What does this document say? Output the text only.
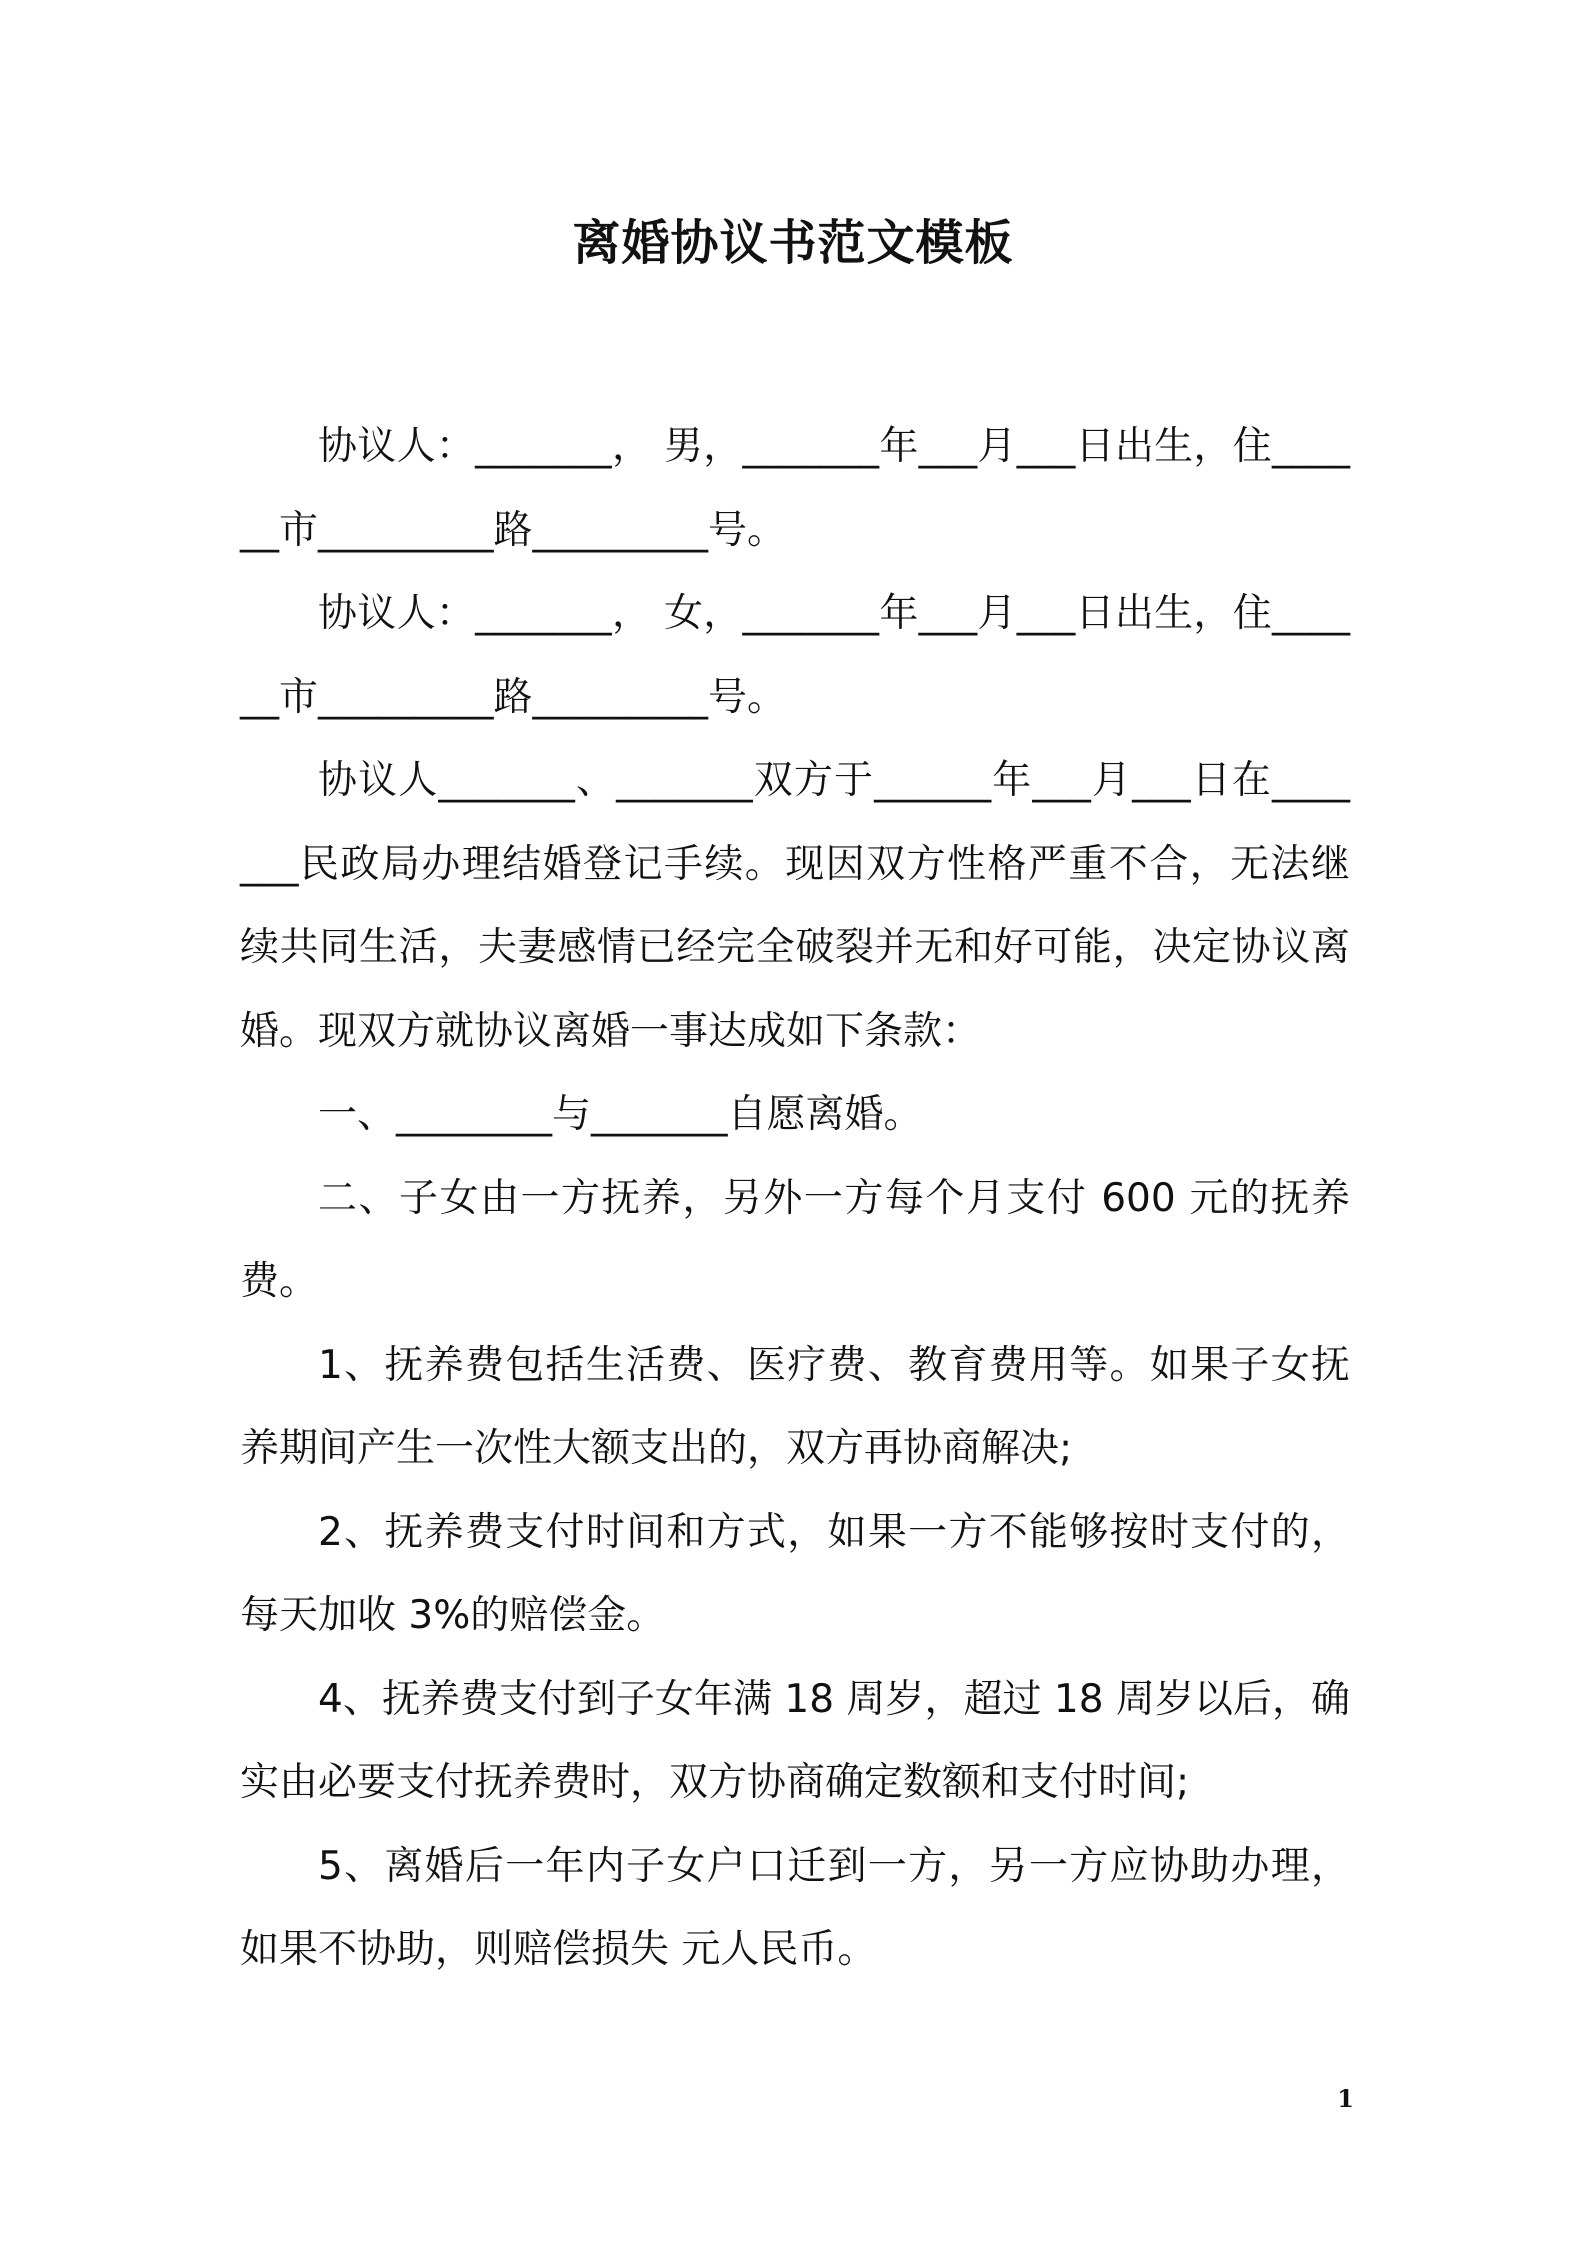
离婚协议书范文模板

协议人：_______， 男，_______年___月___日出生，住______市_________路_________号。

协议人：_______， 女，_______年___月___日出生，住______市_________路_________号。

协议人_______、_______双方于______年___月___日在_______民政局办理结婚登记手续。现因双方性格严重不合，无法继续共同生活，夫妻感情已经完全破裂并无和好可能，决定协议离婚。现双方就协议离婚一事达成如下条款：

一、________与_______自愿离婚。

二、子女由一方抚养，另外一方每个月支付 600 元的抚养费。

1、抚养费包括生活费、医疗费、教育费用等。如果子女抚养期间产生一次性大额支出的，双方再协商解决;

2、抚养费支付时间和方式，如果一方不能够按时支付的，每天加收 3%的赔偿金。

4、抚养费支付到子女年满 18 周岁，超过 18 周岁以后，确实由必要支付抚养费时，双方协商确定数额和支付时间;

5、离婚后一年内子女户口迁到一方，另一方应协助办理，如果不协助，则赔偿损失 元人民币。

1
